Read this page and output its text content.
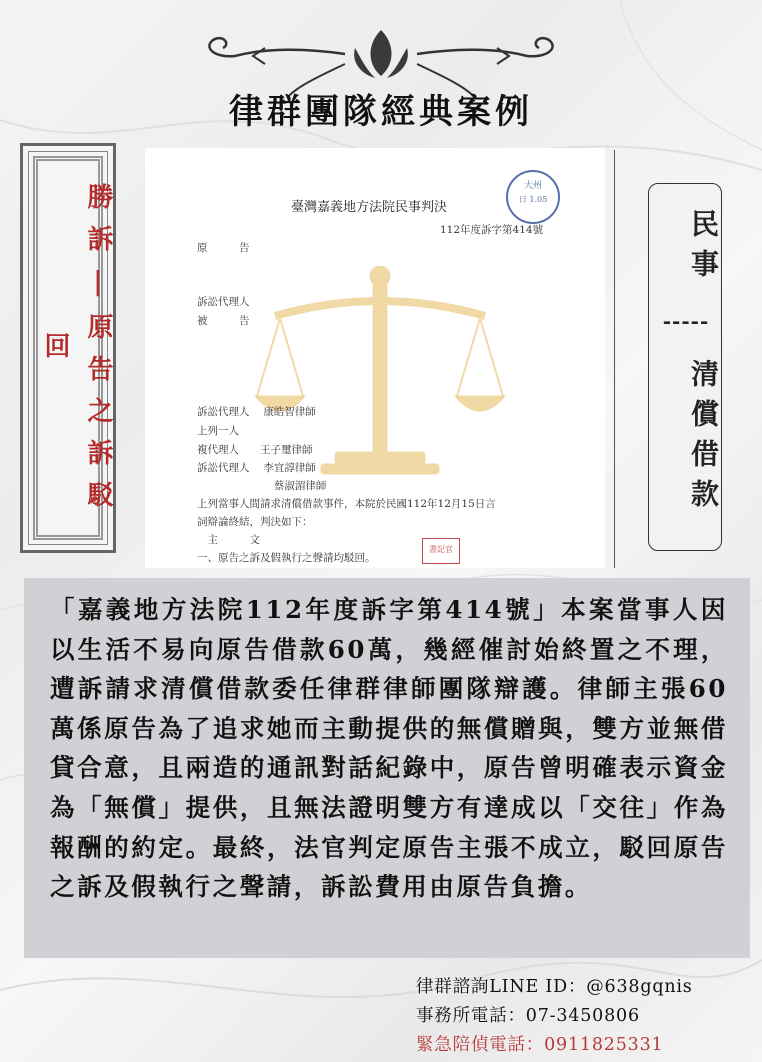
律群團隊經典案例
勝訴|原告之訴駁回
臺灣嘉義地方法院民事判決
112年度訴字第414號
大州
日 1.05
原　　　告
訴訟代理人
被　　　告
訴訟代理人　 康皓智律師
上列一人
複代理人　　王子璽律師
訴訟代理人　 李宜諄律師
　　　　　　　 蔡淑湄律師
上列當事人間請求清償借款事件，本院於民國112年12月15日言
詞辯論終結，判決如下：
　主　　　文
一、原告之訴及假執行之聲請均駁回。
書記官
民事
-----
清償借款
「嘉義地方法院112年度訴字第414號」本案當事人因以生活不易向原告借款60萬，幾經催討始終置之不理，遭訴請求清償借款委任律群律師團隊辯護。律師主張60萬係原告為了追求她而主動提供的無償贈與，雙方並無借貸合意，且兩造的通訊對話紀錄中，原告曾明確表示資金為「無償」提供，且無法證明雙方有達成以「交往」作為報酬的約定。最終，法官判定原告主張不成立，駁回原告之訴及假執行之聲請，訴訟費用由原告負擔。
律群諮詢LINE ID：@638gqnis
事務所電話：07-3450806
緊急陪偵電話：0911825331
